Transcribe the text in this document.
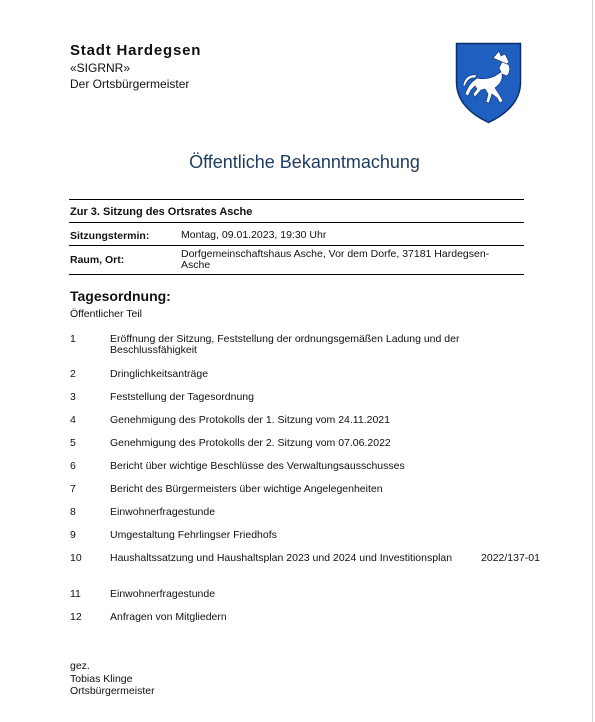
Stadt Hardegsen
«SIGRNR»
Der Ortsbürgermeister
Öffentliche Bekanntmachung
Zur 3. Sitzung des Ortsrates Asche
Sitzungstermin:	Montag, 09.01.2023, 19:30 Uhr
Raum, Ort:	Dorfgemeinschaftshaus Asche, Vor dem Dorfe, 37181 Hardegsen-Asche
Tagesordnung:
Öffentlicher Teil
1	Eröffnung der Sitzung, Feststellung der ordnungsgemäßen Ladung und der Beschlussfähigkeit
2	Dringlichkeitsanträge
3	Feststellung der Tagesordnung
4	Genehmigung des Protokolls der 1. Sitzung vom 24.11.2021
5	Genehmigung des Protokolls der 2. Sitzung vom 07.06.2022
6	Bericht über wichtige Beschlüsse des Verwaltungsausschusses
7	Bericht des Bürgermeisters über wichtige Angelegenheiten
8	Einwohnerfragestunde
9	Umgestaltung Fehrlingser Friedhofs
10	Haushaltssatzung und Haushaltsplan 2023 und 2024 und Investitionsplan	2022/137-01
11	Einwohnerfragestunde
12	Anfragen von Mitgliedern
gez.
Tobias Klinge
Ortsbürgermeister
